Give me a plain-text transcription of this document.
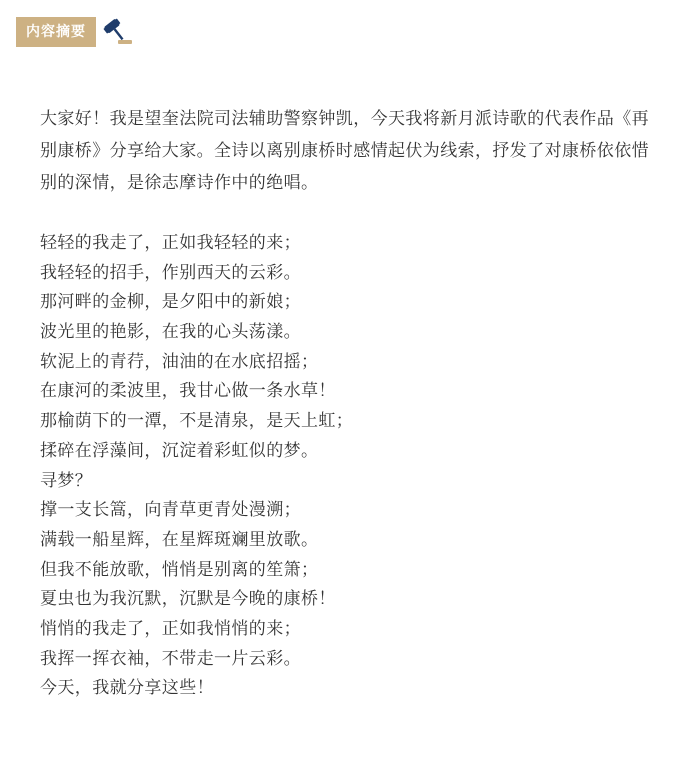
内容摘要

大家好！我是望奎法院司法辅助警察钟凯，今天我将新月派诗歌的代表作品《再别康桥》分享给大家。全诗以离别康桥时感情起伏为线索，抒发了对康桥依依惜别的深情，是徐志摩诗作中的绝唱。

轻轻的我走了，正如我轻轻的来；
我轻轻的招手，作别西天的云彩。
那河畔的金柳，是夕阳中的新娘；
波光里的艳影，在我的心头荡漾。
软泥上的青荇，油油的在水底招摇；
在康河的柔波里，我甘心做一条水草！
那榆荫下的一潭，不是清泉，是天上虹；
揉碎在浮藻间，沉淀着彩虹似的梦。
寻梦？
撑一支长篙，向青草更青处漫溯；
满载一船星辉，在星辉斑斓里放歌。
但我不能放歌，悄悄是别离的笙箫；
夏虫也为我沉默，沉默是今晚的康桥！
悄悄的我走了，正如我悄悄的来；
我挥一挥衣袖，不带走一片云彩。
今天，我就分享这些！
